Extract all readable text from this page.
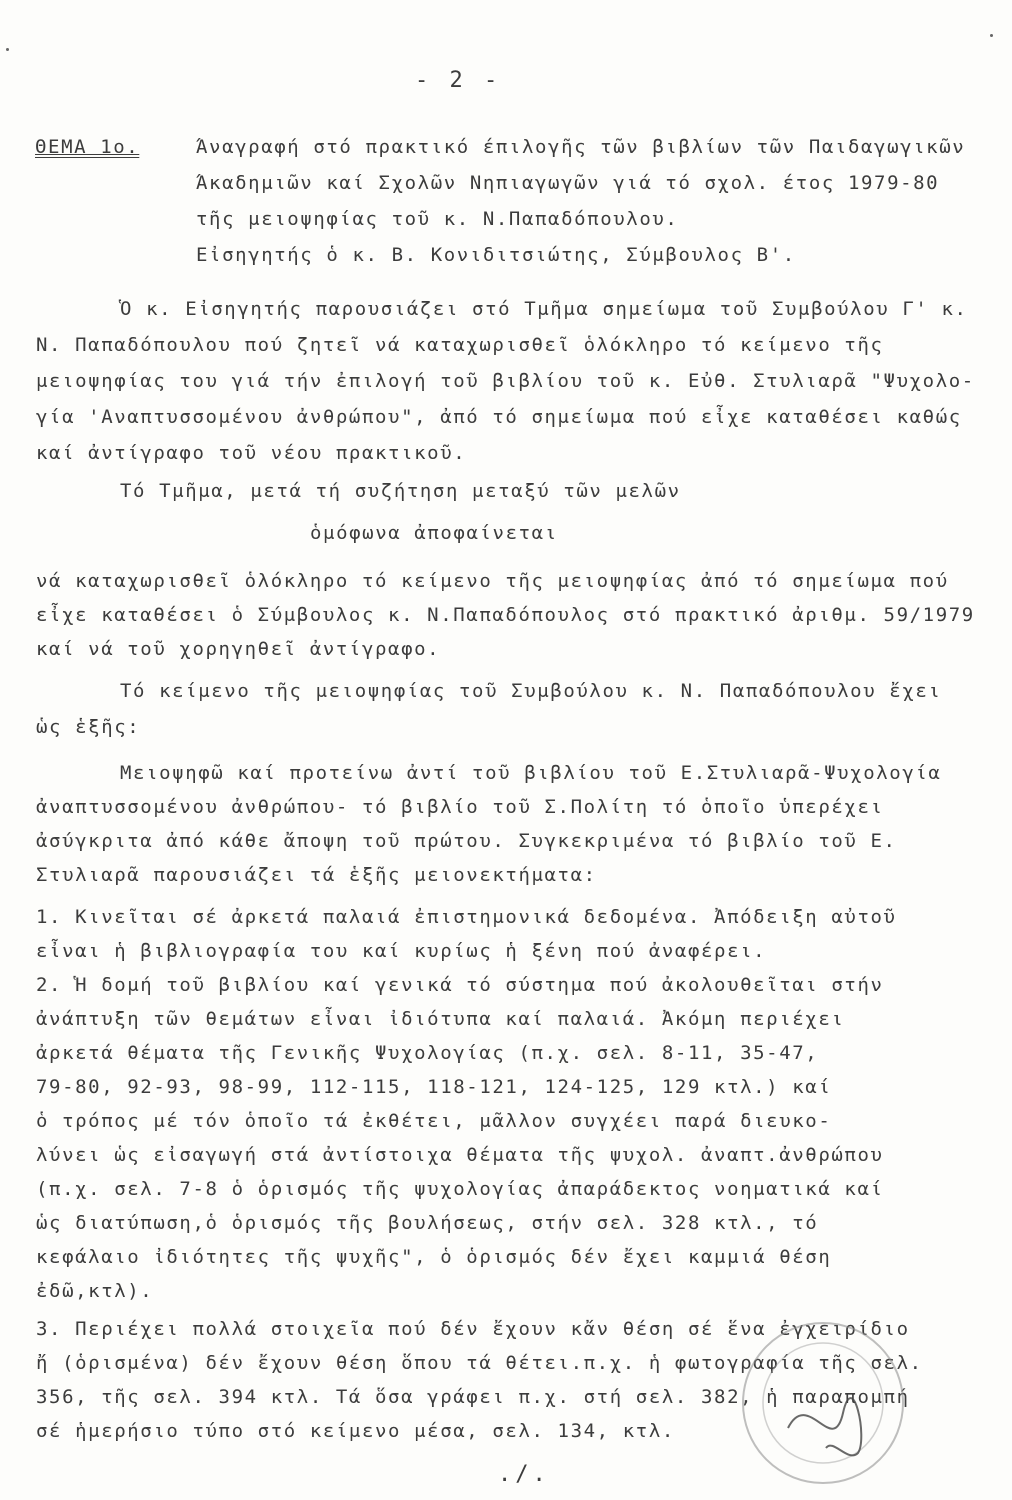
- 2 -
ΘΕΜΑ 1ο.	Άναγραφή στό πρακτικό έπιλογῆς τῶν βιβλίων τῶν Παιδαγωγικῶν
Άκαδημιῶν καί Σχολῶν Νηπιαγωγῶν γιά τό σχολ. έτος 1979-80
τῆς μειοψηφίας τοῦ κ. Ν.Παπαδόπουλου.
Εἰσηγητής ὁ κ. Β. Κονιδιτσιώτης, Σύμβουλος Β'.
Ὁ κ. Εἰσηγητής παρουσιάζει στό Τμῆμα σημείωμα τοῦ Συμβούλου Γ' κ.
Ν. Παπαδόπουλου πού ζητεῖ νά καταχωρισθεῖ ὁλόκληρο τό κείμενο τῆς
μειοψηφίας του γιά τήν ἐπιλογή τοῦ βιβλίου τοῦ κ. Εὐθ. Στυλιαρᾶ "Ψυχολο-
γία 'Αναπτυσσομένου ἀνθρώπου", ἀπό τό σημείωμα πού εἶχε καταθέσει καθώς
καί ἀντίγραφο τοῦ νέου πρακτικοῦ.
Τό Τμῆμα, μετά τή συζήτηση μεταξύ τῶν μελῶν
ὁμόφωνα ἀποφαίνεται
νά καταχωρισθεῖ ὁλόκληρο τό κείμενο τῆς μειοψηφίας ἀπό τό σημείωμα πού
εἶχε καταθέσει ὁ Σύμβουλος κ. Ν.Παπαδόπουλος στό πρακτικό ἀριθμ. 59/1979
καί νά τοῦ χορηγηθεῖ ἀντίγραφο.
Τό κείμενο τῆς μειοψηφίας τοῦ Συμβούλου κ. Ν. Παπαδόπουλου ἔχει
ὡς ἑξῆς:
Μειοψηφῶ καί προτείνω ἀντί τοῦ βιβλίου τοῦ Ε.Στυλιαρᾶ-Ψυχολογία
ἀναπτυσσομένου ἀνθρώπου- τό βιβλίο τοῦ Σ.Πολίτη τό ὁποῖο ὑπερέχει
ἀσύγκριτα ἀπό κάθε ἄποψη τοῦ πρώτου. Συγκεκριμένα τό βιβλίο τοῦ Ε.
Στυλιαρᾶ παρουσιάζει τά ἑξῆς μειονεκτήματα:
1. Κινεῖται σέ ἀρκετά παλαιά ἐπιστημονικά δεδομένα. Ἀπόδειξη αὐτοῦ
εἶναι ἡ βιβλιογραφία του καί κυρίως ἡ ξένη πού ἀναφέρει.
2. Ἡ δομή τοῦ βιβλίου καί γενικά τό σύστημα πού ἀκολουθεῖται στήν
ἀνάπτυξη τῶν θεμάτων εἶναι ἰδιότυπα καί παλαιά. Ἀκόμη περιέχει
ἀρκετά θέματα τῆς Γενικῆς Ψυχολογίας (π.χ. σελ. 8-11, 35-47,
79-80, 92-93, 98-99, 112-115, 118-121, 124-125, 129 κτλ.) καί
ὁ τρόπος μέ τόν ὁποῖο τά ἐκθέτει, μᾶλλον συγχέει παρά διευκο-
λύνει ὡς εἰσαγωγή στά ἀντίστοιχα θέματα τῆς ψυχολ. ἀναπτ.ἀνθρώπου
(π.χ. σελ. 7-8 ὁ ὁρισμός τῆς ψυχολογίας ἀπαράδεκτος νοηματικά καί
ὡς διατύπωση,ὁ ὁρισμός τῆς βουλήσεως, στήν σελ. 328 κτλ., τό
κεφάλαιο ἰδιότητες τῆς ψυχῆς", ὁ ὁρισμός δέν ἔχει καμμιά θέση
ἐδῶ,κτλ).
3. Περιέχει πολλά στοιχεῖα πού δέν ἔχουν κἄν θέση σέ ἕνα ἐγχειρίδιο
ἤ (ὁρισμένα) δέν ἔχουν θέση ὅπου τά θέτει.π.χ. ἡ φωτογραφία τῆς σελ.
356, τῆς σελ. 394 κτλ. Τά ὅσα γράφει π.χ. στή σελ. 382, ἡ παραπομπή
σέ ἡμερήσιο τύπο στό κείμενο μέσα, σελ. 134, κτλ.
./.
